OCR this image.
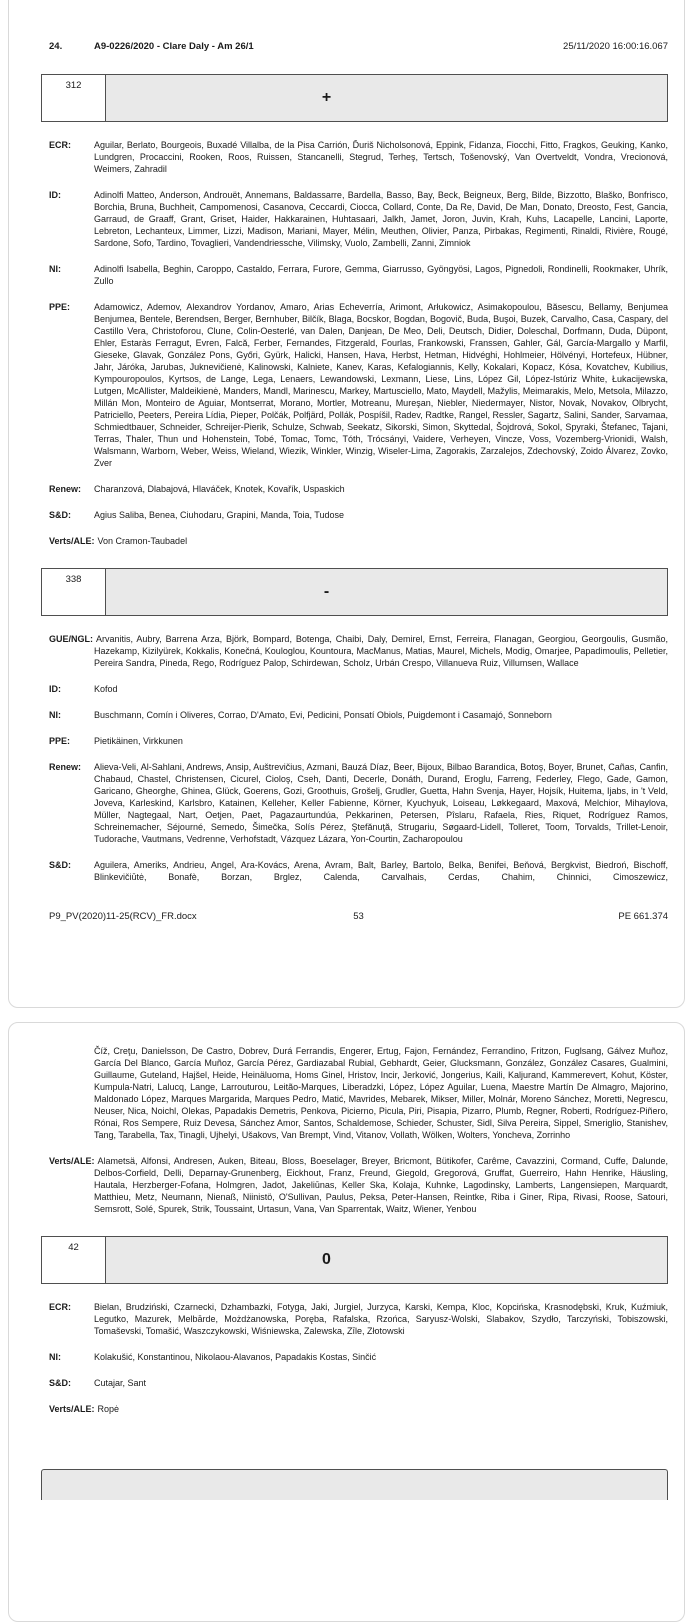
24.	A9-0226/2020 - Clare Daly - Am 26/1	25/11/2020 16:00:16.067
312
+
ECR:	Aguilar, Berlato, Bourgeois, Buxadé Villalba, de la Pisa Carrión, Ďuriš Nicholsonová, Eppink, Fidanza, Fiocchi, Fitto, Fragkos, Geuking, Kanko, Lundgren, Procaccini, Rooken, Roos, Ruissen, Stancanelli, Stegrud, Terheş, Tertsch, Tošenovský, Van Overtveldt, Vondra, Vrecionová, Weimers, Zahradil
ID:	Adinolfi Matteo, Anderson, Androuët, Annemans, Baldassarre, Bardella, Basso, Bay, Beck, Beigneux, Berg, Bilde, Bizzotto, Blaško, Bonfrisco, Borchia, Bruna, Buchheit, Campomenosi, Casanova, Ceccardi, Ciocca, Collard, Conte, Da Re, David, De Man, Donato, Dreosto, Fest, Gancia, Garraud, de Graaff, Grant, Griset, Haider, Hakkarainen, Huhtasaari, Jalkh, Jamet, Joron, Juvin, Krah, Kuhs, Lacapelle, Lancini, Laporte, Lebreton, Lechanteux, Limmer, Lizzi, Madison, Mariani, Mayer, Mélin, Meuthen, Olivier, Panza, Pirbakas, Regimenti, Rinaldi, Rivière, Rougé, Sardone, Sofo, Tardino, Tovaglieri, Vandendriessche, Vilimsky, Vuolo, Zambelli, Zanni, Zimniok
NI:	Adinolfi Isabella, Beghin, Caroppo, Castaldo, Ferrara, Furore, Gemma, Giarrusso, Gyöngyösi, Lagos, Pignedoli, Rondinelli, Rookmaker, Uhrík, Zullo
PPE:	Adamowicz, Ademov, Alexandrov Yordanov, Amaro, Arias Echeverría, Arimont, Arłukowicz, Asimakopoulou, Băsescu, Bellamy, Benjumea Benjumea, Bentele, Berendsen, Berger, Bernhuber, Bilčík, Blaga, Bocskor, Bogdan, Bogovič, Buda, Buşoi, Buzek, Carvalho, Casa, Caspary, del Castillo Vera, Christoforou, Clune, Colin-Oesterlé, van Dalen, Danjean, De Meo, Deli, Deutsch, Didier, Doleschal, Dorfmann, Duda, Düpont, Ehler, Estaràs Ferragut, Evren, Falcă, Ferber, Fernandes, Fitzgerald, Fourlas, Frankowski, Franssen, Gahler, Gál, García-Margallo y Marfil, Gieseke, Glavak, González Pons, Győri, Gyürk, Halicki, Hansen, Hava, Herbst, Hetman, Hidvéghi, Hohlmeier, Hölvényi, Hortefeux, Hübner, Jahr, Járóka, Jarubas, Juknevičienė, Kalinowski, Kalniete, Kanev, Karas, Kefalogiannis, Kelly, Kokalari, Kopacz, Kósa, Kovatchev, Kubilius, Kympouropoulos, Kyrtsos, de Lange, Lega, Lenaers, Lewandowski, Lexmann, Liese, Lins, López Gil, López-Istúriz White, Łukacijewska, Lutgen, McAllister, Maldeikienė, Manders, Mandl, Marinescu, Markey, Martusciello, Mato, Maydell, Mažylis, Meimarakis, Melo, Metsola, Milazzo, Millán Mon, Monteiro de Aguiar, Montserrat, Morano, Mortler, Motreanu, Mureşan, Niebler, Niedermayer, Nistor, Novak, Novakov, Olbrycht, Patriciello, Peeters, Pereira Lídia, Pieper, Polčák, Polfjärd, Pollák, Pospíšil, Radev, Radtke, Rangel, Ressler, Sagartz, Salini, Sander, Sarvamaa, Schmiedtbauer, Schneider, Schreijer-Pierik, Schulze, Schwab, Seekatz, Sikorski, Simon, Skyttedal, Šojdrová, Sokol, Spyraki, Štefanec, Tajani, Terras, Thaler, Thun und Hohenstein, Tobé, Tomac, Tomc, Tóth, Trócsányi, Vaidere, Verheyen, Vincze, Voss, Vozemberg-Vrionidi, Walsh, Walsmann, Warborn, Weber, Weiss, Wieland, Wiezik, Winkler, Winzig, Wiseler-Lima, Zagorakis, Zarzalejos, Zdechovský, Zoido Álvarez, Zovko, Zver
Renew: Charanzová, Dlabajová, Hlaváček, Knotek, Kovařík, Uspaskich
S&D:	Agius Saliba, Benea, Ciuhodaru, Grapini, Manda, Toia, Tudose
Verts/ALE: Von Cramon-Taubadel
338
-
GUE/NGL: Arvanitis, Aubry, Barrena Arza, Björk, Bompard, Botenga, Chaibi, Daly, Demirel, Ernst, Ferreira, Flanagan, Georgiou, Georgoulis, Gusmão, Hazekamp, Kizilyürek, Kokkalis, Konečná, Kouloglou, Kountoura, MacManus, Matias, Maurel, Michels, Modig, Omarjee, Papadimoulis, Pelletier, Pereira Sandra, Pineda, Rego, Rodríguez Palop, Schirdewan, Scholz, Urbán Crespo, Villanueva Ruiz, Villumsen, Wallace
ID:	Kofod
NI:	Buschmann, Comín i Oliveres, Corrao, D'Amato, Evi, Pedicini, Ponsatí Obiols, Puigdemont i Casamajó, Sonneborn
PPE:	Pietikäinen, Virkkunen
Renew: Alieva-Veli, Al-Sahlani, Andrews, Ansip, Auštrevičius, Azmani, Bauzá Díaz, Beer, Bijoux, Bilbao Barandica, Botoş, Boyer, Brunet, Cañas, Canfin, Chabaud, Chastel, Christensen, Cicurel, Cioloş, Cseh, Danti, Decerle, Donáth, Durand, Eroglu, Farreng, Federley, Flego, Gade, Gamon, Garicano, Gheorghe, Ghinea, Glück, Goerens, Gozi, Groothuis, Grošelj, Grudler, Guetta, Hahn Svenja, Hayer, Hojsík, Huitema, Ijabs, in 't Veld, Joveva, Karleskind, Karlsbro, Katainen, Kelleher, Keller Fabienne, Körner, Kyuchyuk, Loiseau, Løkkegaard, Maxová, Melchior, Mihaylova, Müller, Nagtegaal, Nart, Oetjen, Paet, Pagazaurtundúa, Pekkarinen, Petersen, Pîslaru, Rafaela, Ries, Riquet, Rodríguez Ramos, Schreinemacher, Séjourné, Semedo, Šimečka, Solís Pérez, Ştefănuţă, Strugariu, Søgaard-Lidell, Tolleret, Toom, Torvalds, Trillet-Lenoir, Tudorache, Vautmans, Vedrenne, Verhofstadt, Vázquez Lázara, Yon-Courtin, Zacharopoulou
S&D:	Aguilera, Ameriks, Andrieu, Angel, Ara-Kovács, Arena, Avram, Balt, Barley, Bartolo, Belka, Benifei, Beňová, Bergkvist, Biedroń, Bischoff, Blinkevičiūtė, Bonafè, Borzan, Brglez, Calenda, Carvalhais, Cerdas, Chahim, Chinnici, Cimoszewicz,
P9_PV(2020)11-25(RCV)_FR.docx	53	PE 661.374
Číž, Creţu, Danielsson, De Castro, Dobrev, Durá Ferrandis, Engerer, Ertug, Fajon, Fernández, Ferrandino, Fritzon, Fuglsang, Gálvez Muñoz, García Del Blanco, García Muñoz, García Pérez, Gardiazabal Rubial, Gebhardt, Geier, Glucksmann, González, González Casares, Gualmini, Guillaume, Guteland, Hajšel, Heide, Heinäluoma, Homs Ginel, Hristov, Incir, Jerković, Jongerius, Kaili, Kaljurand, Kammerevert, Kohut, Köster, Kumpula-Natri, Lalucq, Lange, Larrouturou, Leitão-Marques, Liberadzki, López, López Aguilar, Luena, Maestre Martín De Almagro, Majorino, Maldonado López, Marques Margarida, Marques Pedro, Matić, Mavrides, Mebarek, Mikser, Miller, Molnár, Moreno Sánchez, Moretti, Negrescu, Neuser, Nica, Noichl, Olekas, Papadakis Demetris, Penkova, Picierno, Picula, Piri, Pisapia, Pizarro, Plumb, Regner, Roberti, Rodríguez-Piñero, Rónai, Ros Sempere, Ruiz Devesa, Sánchez Amor, Santos, Schaldemose, Schieder, Schuster, Sidl, Silva Pereira, Sippel, Smeriglio, Stanishev, Tang, Tarabella, Tax, Tinagli, Ujhelyi, Ušakovs, Van Brempt, Vind, Vitanov, Vollath, Wölken, Wolters, Yoncheva, Zorrinho
Verts/ALE: Alametsä, Alfonsi, Andresen, Auken, Biteau, Bloss, Boeselager, Breyer, Bricmont, Bütikofer, Carême, Cavazzini, Cormand, Cuffe, Dalunde, Delbos-Corfield, Delli, Deparnay-Grunenberg, Eickhout, Franz, Freund, Giegold, Gregorová, Gruffat, Guerreiro, Hahn Henrike, Häusling, Hautala, Herzberger-Fofana, Holmgren, Jadot, Jakeliūnas, Keller Ska, Kolaja, Kuhnke, Lagodinsky, Lamberts, Langensiepen, Marquardt, Matthieu, Metz, Neumann, Nienaß, Niinistö, O'Sullivan, Paulus, Peksa, Peter-Hansen, Reintke, Riba i Giner, Ripa, Rivasi, Roose, Satouri, Semsrott, Solé, Spurek, Strik, Toussaint, Urtasun, Vana, Van Sparrentak, Waitz, Wiener, Yenbou
42
0
ECR:	Bielan, Brudziński, Czarnecki, Dzhambazki, Fotyga, Jaki, Jurgiel, Jurzyca, Karski, Kempa, Kloc, Kopcińska, Krasnodębski, Kruk, Kuźmiuk, Legutko, Mazurek, Melbārde, Możdżanowska, Poręba, Rafalska, Rzońca, Saryusz-Wolski, Slabakov, Szydło, Tarczyński, Tobiszowski, Tomaševski, Tomašić, Waszczykowski, Wiśniewska, Zalewska, Zīle, Złotowski
NI:	Kolakušić, Konstantinou, Nikolaou-Alavanos, Papadakis Kostas, Sinčić
S&D:	Cutajar, Sant
Verts/ALE: Ropė
